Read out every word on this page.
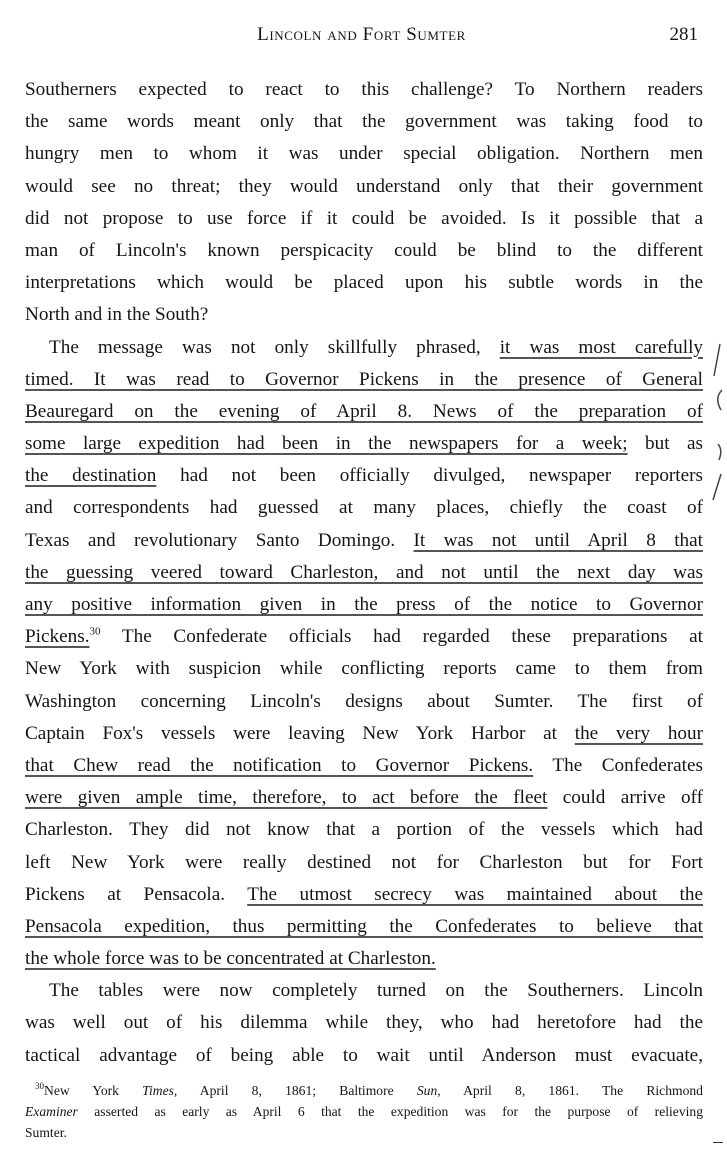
Lincoln and Fort Sumter	281
Southerners expected to react to this challenge? To Northern readers
the same words meant only that the government was taking food to
hungry men to whom it was under special obligation. Northern men
would see no threat; they would understand only that their government
did not propose to use force if it could be avoided. Is it possible that a
man of Lincoln's known perspicacity could be blind to the different
interpretations which would be placed upon his subtle words in the
North and in the South?
The message was not only skillfully phrased, it was most carefully
timed. It was read to Governor Pickens in the presence of General
Beauregard on the evening of April 8. News of the preparation of
some large expedition had been in the newspapers for a week; but as
the destination had not been officially divulged, newspaper reporters
and correspondents had guessed at many places, chiefly the coast of
Texas and revolutionary Santo Domingo. It was not until April 8 that
the guessing veered toward Charleston, and not until the next day was
any positive information given in the press of the notice to Governor
Pickens.$^{30}$ The Confederate officials had regarded these preparations at
New York with suspicion while conflicting reports came to them from
Washington concerning Lincoln's designs about Sumter. The first of
Captain Fox's vessels were leaving New York Harbor at the very hour
that Chew read the notification to Governor Pickens. The Confederates
were given ample time, therefore, to act before the fleet could arrive off
Charleston. They did not know that a portion of the vessels which had
left New York were really destined not for Charleston but for Fort
Pickens at Pensacola. The utmost secrecy was maintained about the
Pensacola expedition, thus permitting the Confederates to believe that
the whole force was to be concentrated at Charleston.
The tables were now completely turned on the Southerners. Lincoln
was well out of his dilemma while they, who had heretofore had the
tactical advantage of being able to wait until Anderson must evacuate,
$^{30}$New York Times, April 8, 1861; Baltimore Sun, April 8, 1861. The Richmond
Examiner asserted as early as April 6 that the expedition was for the purpose of relieving
Sumter.
